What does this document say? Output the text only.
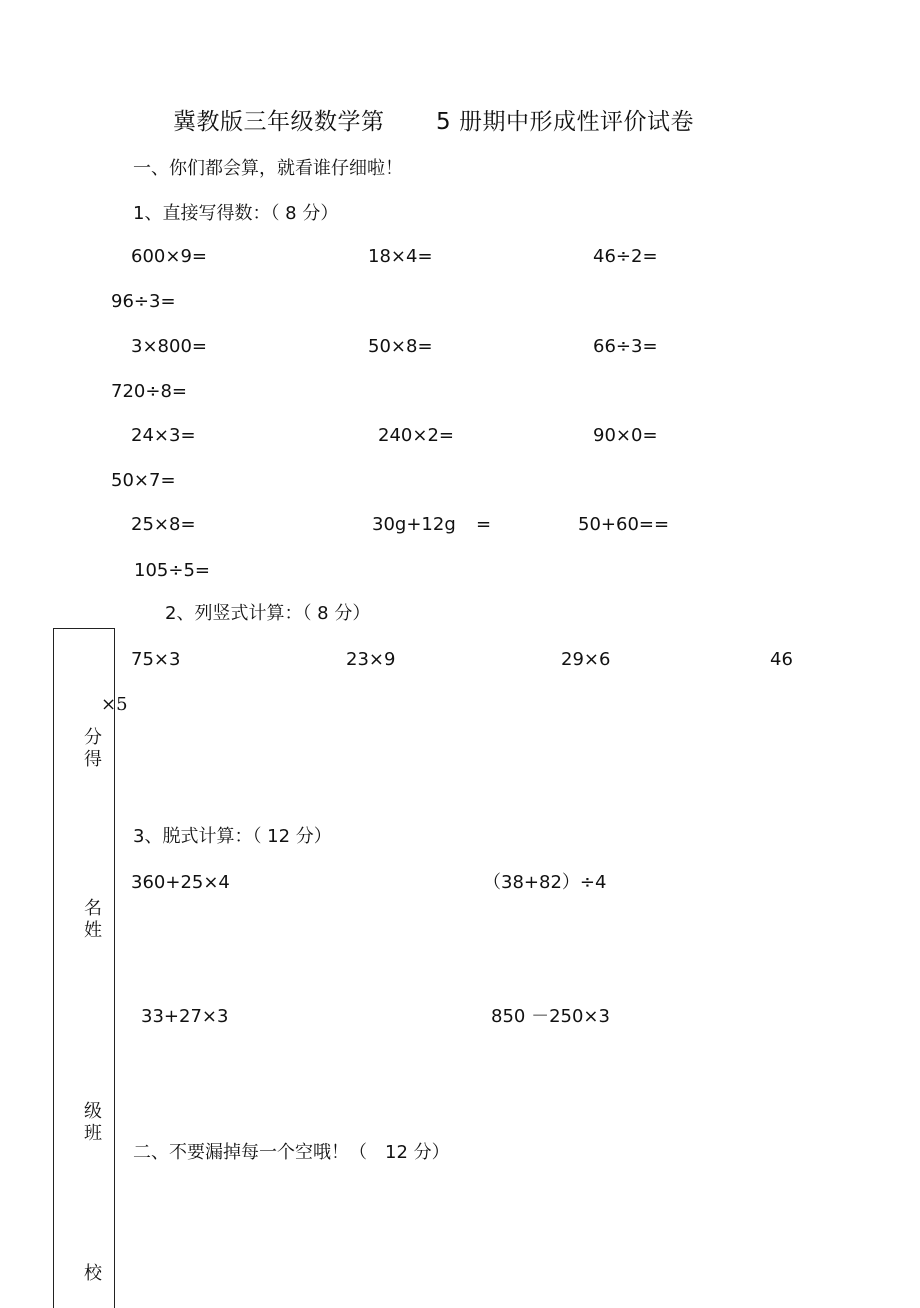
冀教版三年级数学第 5 册期中形成性评价试卷
一、你们都会算，就看谁仔细啦！
1、直接写得数：（ 8 分）
600×9=	18×4=	46÷2=
96÷3=
3×800=	50×8=	66÷3=
720÷8=
24×3=	240×2=	90×0=
50×7=
25×8=	30g+12g =	50+60==
105÷5=
2、列竖式计算：（ 8 分）
75×3	23×9	29×6	46
×5
3、脱式计算：（ 12 分）
360+25×4	（38+82）÷4
33+27×3	850 －250×3
二、不要漏掉每一个空哦！（　12 分）
分得
名姓
级班
校
